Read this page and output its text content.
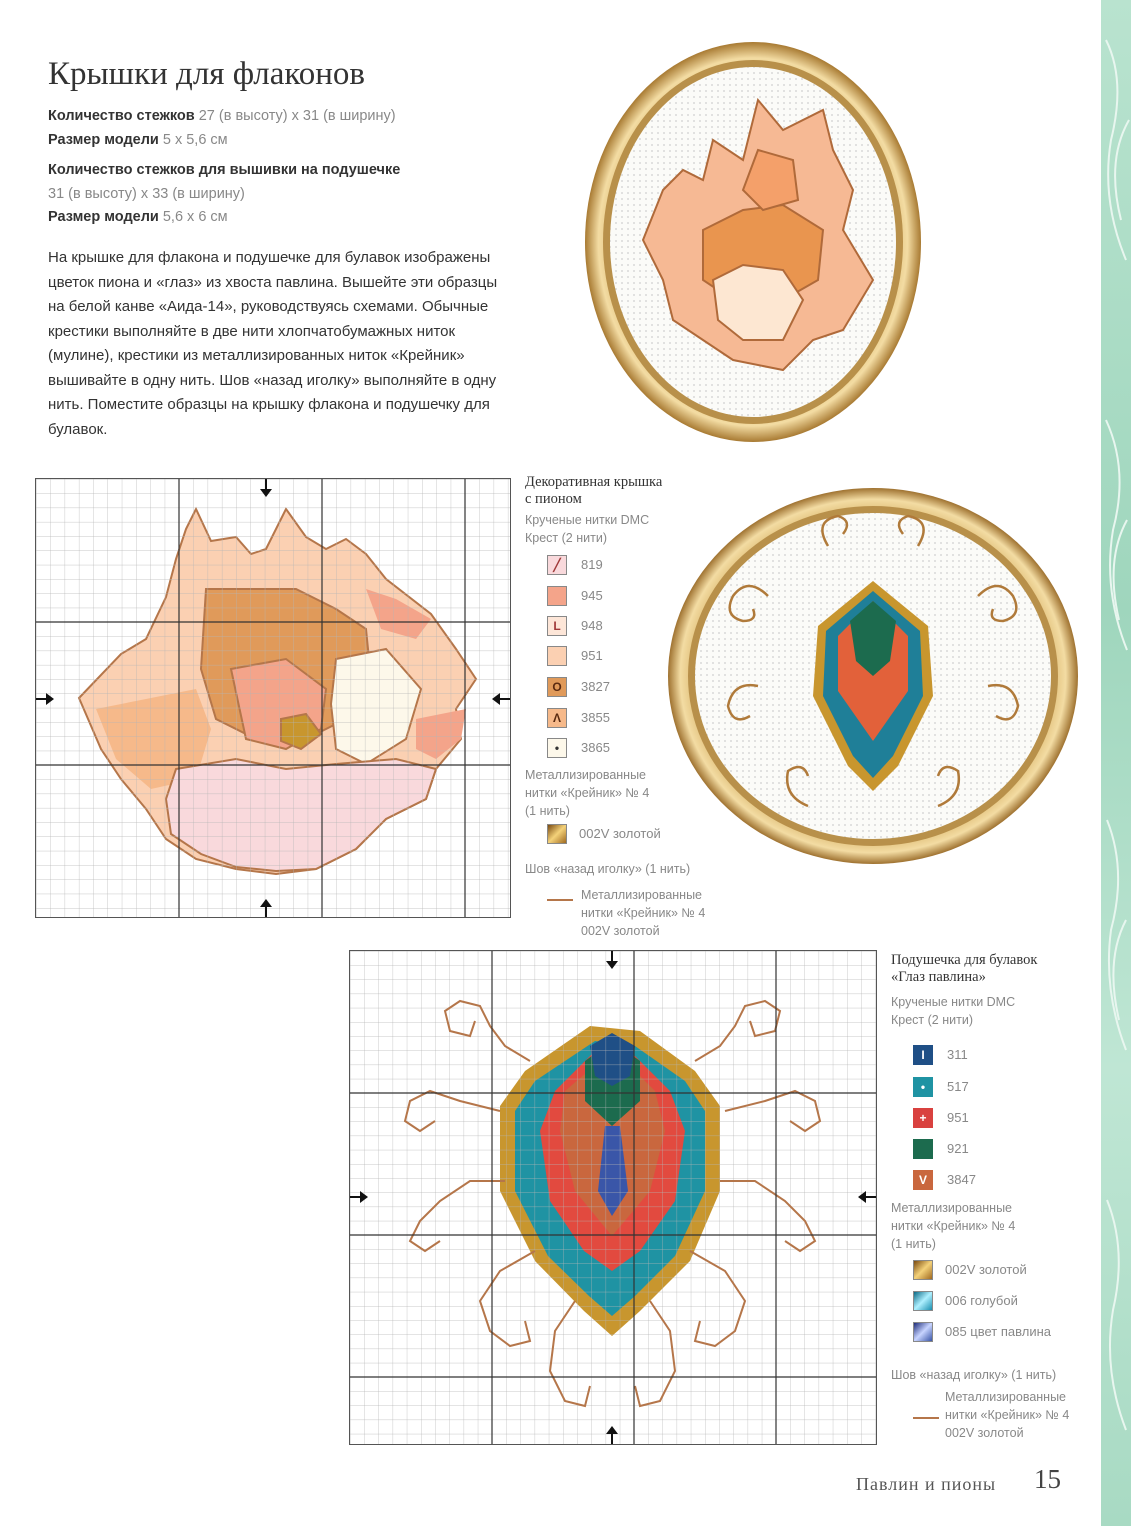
Крышки для флаконов
Количество стежков 27 (в высоту) х 31 (в ширину)
Размер модели 5 х 5,6 см
Количество стежков для вышивки на подушечке
31 (в высоту) х 33 (в ширину)
Размер модели 5,6 х 6 см
На крышке для флакона и подушечке для булавок изображены
цветок пиона и «глаз» из хвоста павлина. Вышейте эти образцы
на белой канве «Аида-14», руководствуясь схемами. Обычные
крестики выполняйте в две нити хлопчатобумажных ниток
(мулине), крестики из металлизированных ниток «Крейник»
вышивайте в одну нить. Шов «назад иголку» выполняйте в одну
нить. Поместите образцы на крышку флакона и подушечку для
булавок.
Декоративная крышка
с пионом
Крученые нитки DMC
Крест (2 нити)
╱	819
945
L	948
951
O	3827
Λ	3855
•	3865
Металлизированные
нитки «Крейник» № 4
(1 нить)
002V золотой
Шов «назад иголку» (1 нить)
Металлизированные
нитки «Крейник» № 4
002V золотой
Подушечка для булавок
«Глаз павлина»
Крученые нитки DMC
Крест (2 нити)
I	311
•	517
+	951
921
V	3847
Металлизированные
нитки «Крейник» № 4
(1 нить)
002V золотой
006 голубой
085 цвет павлина
Шов «назад иголку» (1 нить)
Металлизированные
нитки «Крейник» № 4
002V золотой
Павлин и пионы 15
